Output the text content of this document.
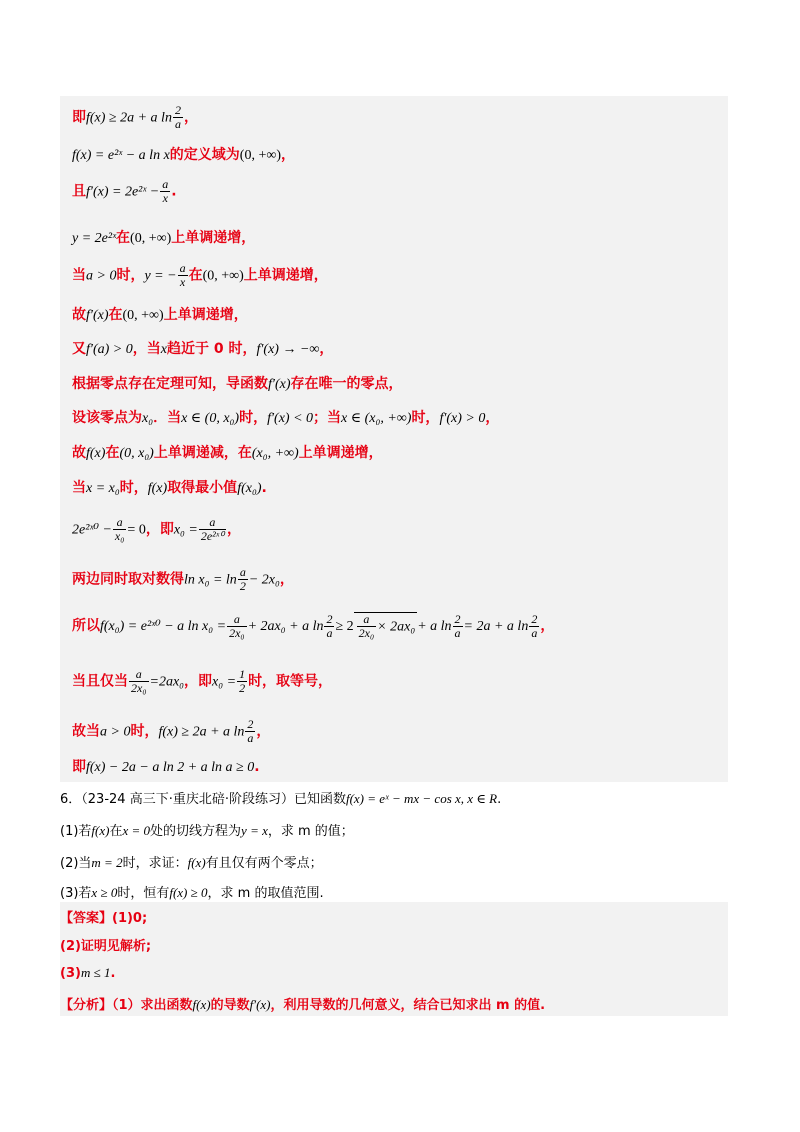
即f(x) ≥ 2a + a $\ln \frac{2}{a}$ ，
f(x) = e²ˣ − a ln x的定义域为(0, +∞)，
且f′(x) = 2e²ˣ − $\frac{a}{x}$ .
y = 2e²ˣ在(0, +∞)上单调递增，
当a > 0时，y = − $\frac{a}{x}$ 在(0, +∞)上单调递增，
故f′(x)在(0, +∞)上单调递增，
又f′(a) > 0，当x趋近于 0 时，f′(x) → −∞，
根据零点存在定理可知，导函数f′(x)存在唯一的零点，
设该零点为x₀．当x ∈ (0, x₀)时，f′(x) < 0；当x ∈ (x₀, +∞)时，f′(x) > 0，
故f(x)在(0, x₀)上单调递减，在(x₀, +∞)上单调递增，
当x = x₀时，f(x)取得最小值f(x₀).
2e²ˣ⁰ − $\frac{a}{\text{x₀}} = 0$，即$x_0 = \frac{a}{\text{2e²ˣ⁰}}$ ，
两边同时取对数得$\ln x_0 = \ln \frac{a}{2} - 2x_0$，
所以f(x₀) = e²ˣ⁰ − a $\ln x_0 = \frac{a}{\text{2x₀}} + 2ax_0 + a$ $\ln \frac{2}{a} \ge 2 \frac{a}{\text{2x₀}} \times 2ax_0 + a$ $\ln \frac{2}{a} = 2a + a$ $\ln \frac{2}{a}$ ，
当且仅当 $\frac{a}{\text{2x₀}} =2ax_0$，即$x_0 = \frac{1}{2}$ 时，取等号，
故当a > 0时，f(x) ≥ 2a + a $\ln \frac{2}{a}$ ，
即f(x) − 2a − a ln 2 + a ln a ≥ 0.
6．（23-24 高三下·重庆北碚·阶段练习）已知函数f(x) = eˣ − mx − cos x, x ∈ R.
(1)若f(x)在x = 0处的切线方程为y = x，求 m 的值；
(2)当m = 2时，求证：f(x)有且仅有两个零点；
(3)若x ≥ 0时，恒有f(x) ≥ 0，求 m 的取值范围.
【答案】(1)0;
(2)证明见解析;
(3)m ≤ 1.
【分析】（1）求出函数f(x)的导数f′(x)，利用导数的几何意义，结合已知求出 m 的值.
